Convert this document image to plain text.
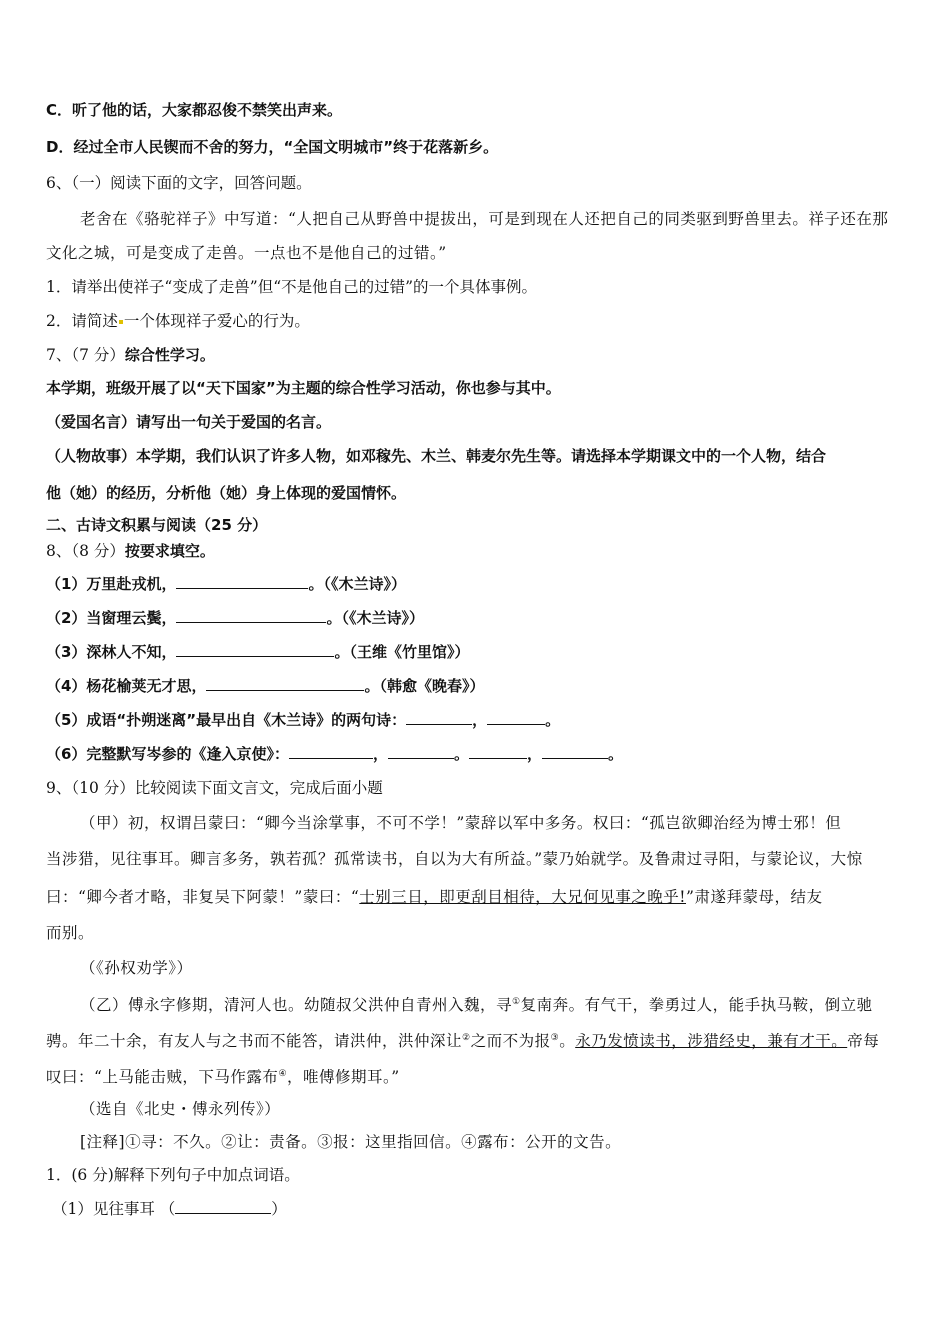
C．听了他的话，大家都忍俊不禁笑出声来。
D．经过全市人民锲而不舍的努力，“全国文明城市”终于花落新乡。
6、（一）阅读下面的文字，回答问题。
老舍在《骆驼祥子》中写道：“人把自己从野兽中提拔出，可是到现在人还把自己的同类驱到野兽里去。祥子还在那
文化之城，可是变成了走兽。一点也不是他自己的过错。”
1．请举出使祥子“变成了走兽”但“不是他自己的过错”的一个具体事例。
2．请简述 一个体现祥子爱心的行为。
7、（7 分）综合性学习。
本学期，班级开展了以“天下国家”为主题的综合性学习活动，你也参与其中。
（爱国名言）请写出一句关于爱国的名言。
（人物故事）本学期，我们认识了许多人物，如邓稼先、木兰、韩麦尔先生等。请选择本学期课文中的一个人物，结合
他（她）的经历，分析他（她）身上体现的爱国情怀。
二、古诗文积累与阅读（25 分）
8、（8 分）按要求填空。
（1）万里赴戎机，	。（《木兰诗》）
（2）当窗理云鬓，	。（《木兰诗》）
（3）深林人不知，	。（王维《竹里馆》）
（4）杨花榆荚无才思，	。（韩愈《晚春》）
（5）成语“扑朔迷离”最早出自《木兰诗》的两句诗：	，	。
（6）完整默写岑参的《逢入京使》：	，	。	，	。
9、（10 分）比较阅读下面文言文，完成后面小题
（甲）初，权谓吕蒙曰：“卿今当涂掌事，不可不学！”蒙辞以军中多务。权曰：“孤岂欲卿治经为博士邪！但
当涉猎，见往事耳。卿言多务，孰若孤？孤常读书，自以为大有所益。”蒙乃始就学。及鲁肃过寻阳，与蒙论议，大惊
曰：“卿今者才略，非复吴下阿蒙！”蒙曰：“士别三日，即更刮目相待，大兄何见事之晚乎!”肃遂拜蒙母，结友
而别。
（《孙权劝学》）
（乙）傅永字修期，清河人也。幼随叔父洪仲自青州入魏，寻①复南奔。有气干，拳勇过人，能手执马鞍，倒立驰
骋。年二十余，有友人与之书而不能答，请洪仲，洪仲深让②之而不为报③。永乃发愤读书，涉猎经史，兼有才干。帝每
叹曰：“上马能击贼，下马作露布④，唯傅修期耳。”
（选自《北史・傅永列传》）
[注释]①寻：不久。②让：责备。③报：这里指回信。④露布：公开的文告。
1．(6 分)解释下列句子中加点词语。
（1）见往事耳 （	）
